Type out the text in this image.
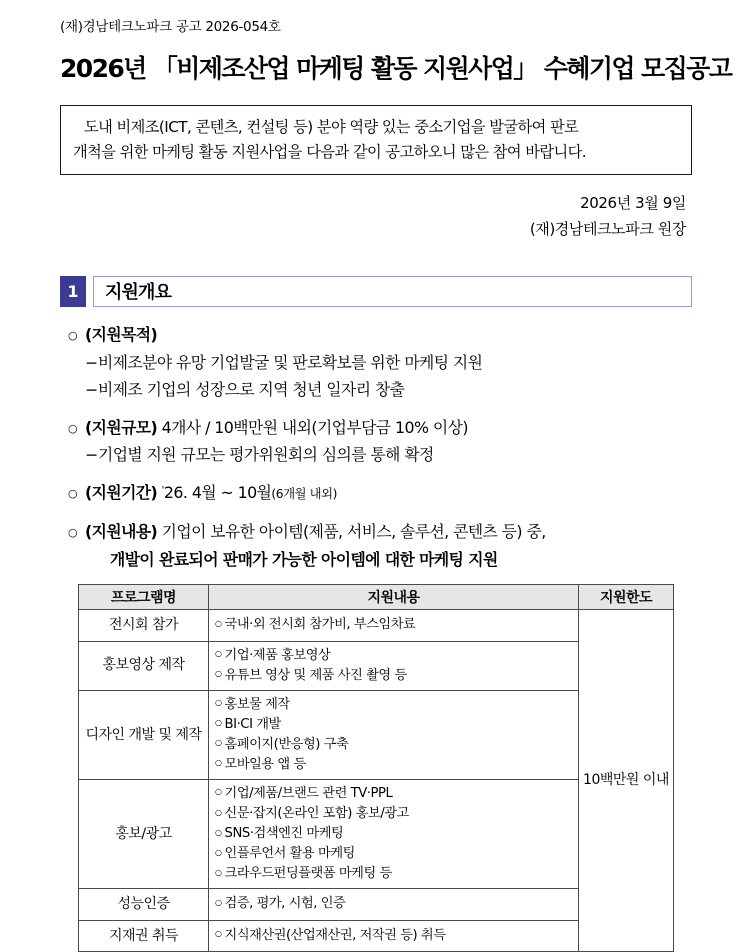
(재)경남테크노파크 공고 2026-054호
2026년 「비제조산업 마케팅 활동 지원사업」 수혜기업 모집공고
도내 비제조(ICT, 콘텐츠, 컨설팅 등) 분야 역량 있는 중소기업을 발굴하여 판로
개척을 위한 마케팅 활동 지원사업을 다음과 같이 공고하오니 많은 참여 바랍니다.
2026년 3월 9일
(재)경남테크노파크 원장
1	지원개요
○ (지원목적)
− 비제조분야 유망 기업발굴 및 판로확보를 위한 마케팅 지원
− 비제조 기업의 성장으로 지역 청년 일자리 창출
○ (지원규모) 4개사 / 10백만원 내외(기업부담금 10% 이상)
− 기업별 지원 규모는 평가위원회의 심의를 통해 확정
○ (지원기간) '26. 4월 ~ 10월(6개월 내외)
○ (지원내용) 기업이 보유한 아이템(제품, 서비스, 솔루션, 콘텐츠 등) 중,
개발이 완료되어 판매가 가능한 아이템에 대한 마케팅 지원
프로그램명	지원내용	지원한도
전시회 참가	○ 국내·외 전시회 참가비, 부스임차료	10백만원 이내
홍보영상 제작	○ 기업·제품 홍보영상
○ 유튜브 영상 및 제품 사진 촬영 등

디자인 개발 및 제작	○ 홍보물 제작
○ BI·CI 개발
○ 홈페이지(반응형) 구축
○ 모바일용 앱 등

홍보/광고	○ 기업/제품/브랜드 관련 TV·PPL
○ 신문·잡지(온라인 포함) 홍보/광고
○ SNS·검색엔진 마케팅
○ 인플루언서 활용 마케팅
○ 크라우드펀딩플랫폼 마케팅 등

성능인증	○ 검증, 평가, 시험, 인증

지재권 취득	○ 지식재산권(산업재산권, 저작권 등) 취득
